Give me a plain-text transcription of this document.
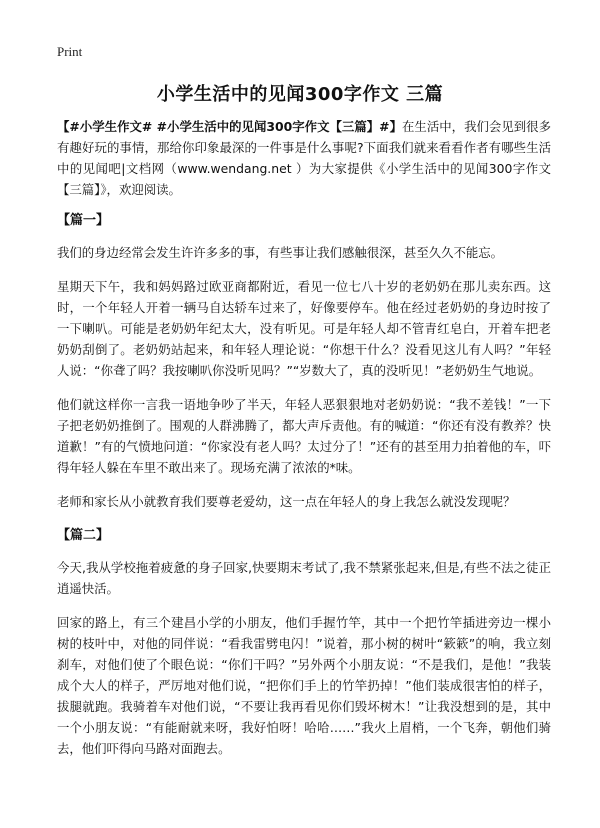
Print
小学生活中的见闻300字作文 三篇

【#小学生作文# #小学生活中的见闻300字作文【三篇】#】在生活中，我们会见到很多有趣好玩的事情，那给你印象最深的一件事是什么事呢?下面我们就来看看作者有哪些生活中的见闻吧|文档网（www.wendang.net ）为大家提供《小学生活中的见闻300字作文【三篇】》，欢迎阅读。

【篇一】

我们的身边经常会发生许许多多的事，有些事让我们感触很深，甚至久久不能忘。

星期天下午，我和妈妈路过欧亚商都附近，看见一位七八十岁的老奶奶在那儿卖东西。这时，一个年轻人开着一辆马自达轿车过来了，好像要停车。他在经过老奶奶的身边时按了一下喇叭。可能是老奶奶年纪太大，没有听见。可是年轻人却不管青红皂白，开着车把老奶奶刮倒了。老奶奶站起来，和年轻人理论说：“你想干什么？没看见这儿有人吗？”年轻人说：“你聋了吗？我按喇叭你没听见吗？”“岁数大了，真的没听见！”老奶奶生气地说。

他们就这样你一言我一语地争吵了半天，年轻人恶狠狠地对老奶奶说：“我不差钱！”一下子把老奶奶推倒了。围观的人群沸腾了，都大声斥责他。有的喊道：“你还有没有教养？快道歉！”有的气愤地问道：“你家没有老人吗？太过分了！”还有的甚至用力拍着他的车，吓得年轻人躲在车里不敢出来了。现场充满了浓浓的*味。

老师和家长从小就教育我们要尊老爱幼，这一点在年轻人的身上我怎么就没发现呢？

【篇二】

今天,我从学校拖着疲惫的身子回家,快要期末考试了,我不禁紧张起来,但是,有些不法之徒正逍遥快活。

回家的路上，有三个建昌小学的小朋友，他们手握竹竿，其中一个把竹竿插进旁边一棵小树的枝叶中，对他的同伴说：“看我雷劈电闪！”说着，那小树的树叶“簌簌”的响，我立刻刹车，对他们使了个眼色说：“你们干吗？”另外两个小朋友说：“不是我们，是他！”我装成个大人的样子，严厉地对他们说，“把你们手上的竹竿扔掉！”他们装成很害怕的样子，拔腿就跑。我骑着车对他们说，“不要让我再看见你们毁坏树木！”让我没想到的是，其中一个小朋友说：“有能耐就来呀，我好怕呀！哈哈……”我火上眉梢，一个飞奔，朝他们骑去，他们吓得向马路对面跑去。
